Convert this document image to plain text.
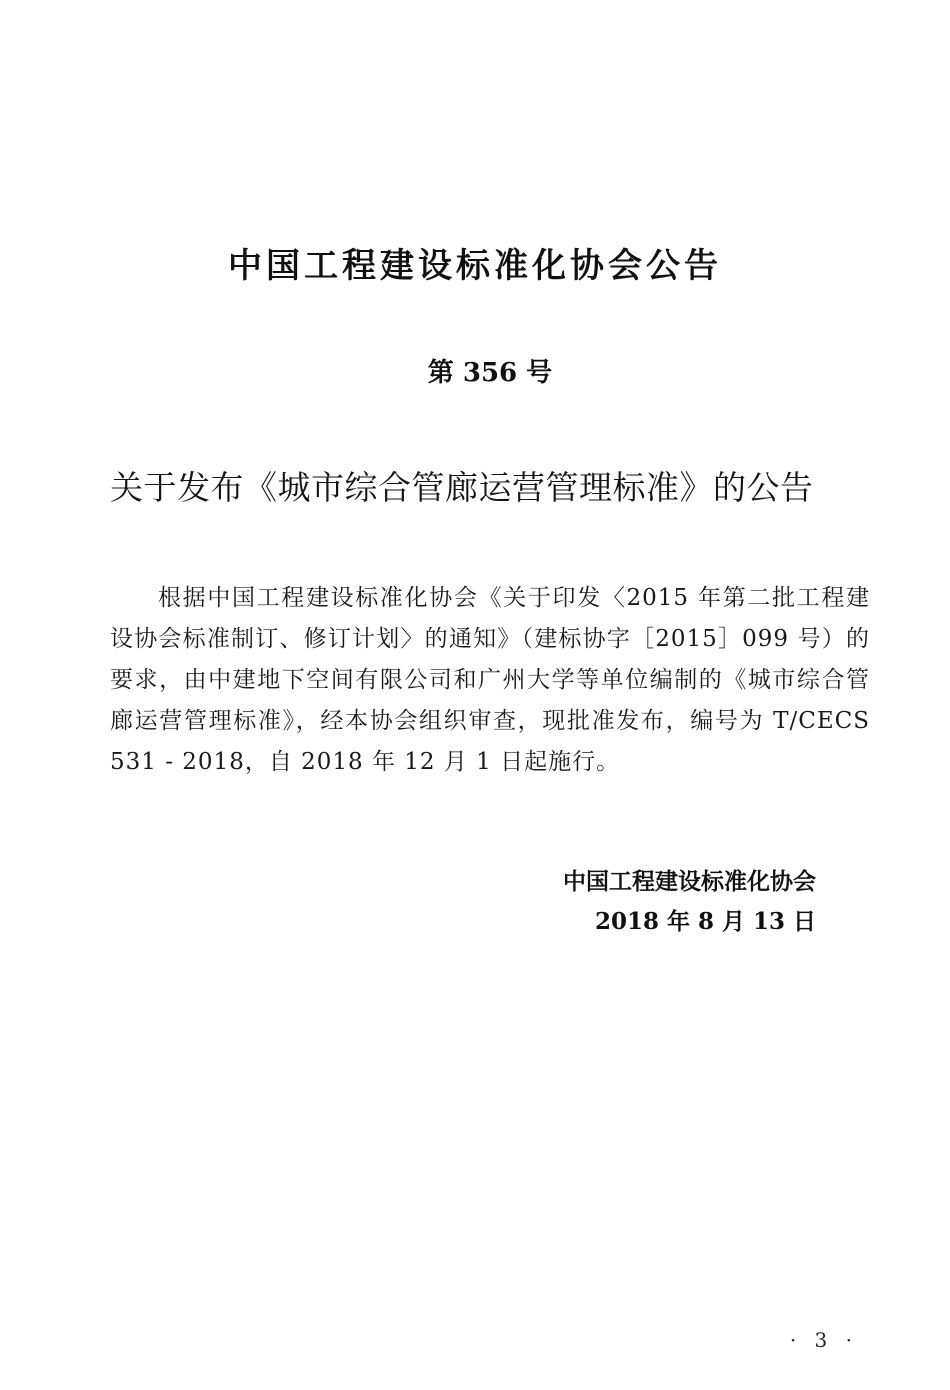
中国工程建设标准化协会公告
第 356 号
关于发布《城市综合管廊运营管理标准》的公告
根据中国工程建设标准化协会《关于印发〈2015 年第二批工程建设协会标准制订、修订计划〉的通知》（建标协字［2015］099 号）的要求，由中建地下空间有限公司和广州大学等单位编制的《城市综合管廊运营管理标准》，经本协会组织审查，现批准发布，编号为 T/CECS 531 - 2018，自 2018 年 12 月 1 日起施行。
中国工程建设标准化协会
2018 年 8 月 13 日
· 3 ·
